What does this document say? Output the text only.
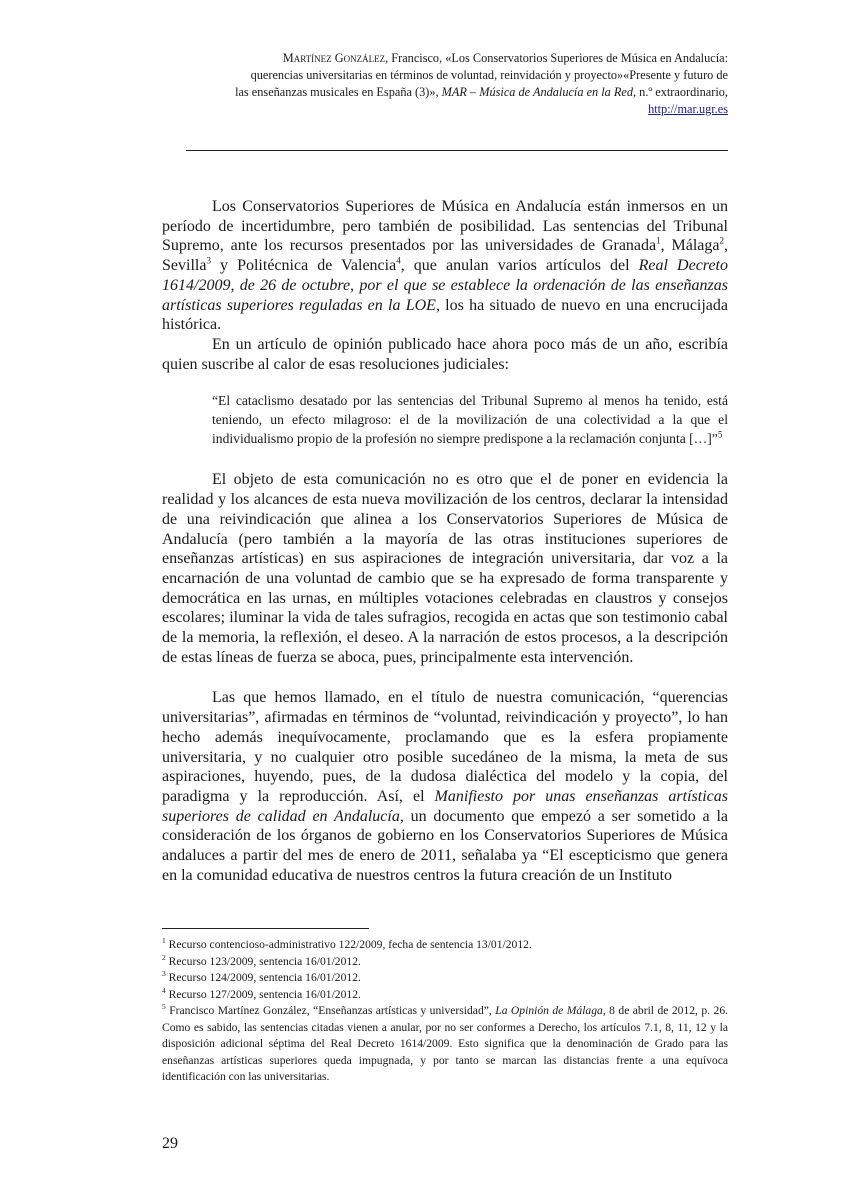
Martínez González, Francisco, «Los Conservatorios Superiores de Música en Andalucía:
querencias universitarias en términos de voluntad, reinvidación y proyecto»«Presente y futuro de
las enseñanzas musicales en España (3)», MAR – Música de Andalucía en la Red, n.º extraordinario,
http://mar.ugr.es

Los Conservatorios Superiores de Música en Andalucía están inmersos en un período de incertidumbre, pero también de posibilidad. Las sentencias del Tribunal Supremo, ante los recursos presentados por las universidades de Granada$^1$, Málaga$^2$, Sevilla$^3$ y Politécnica de Valencia$^4$, que anulan varios artículos del Real Decreto 1614/2009, de 26 de octubre, por el que se establece la ordenación de las enseñanzas artísticas superiores reguladas en la LOE, los ha situado de nuevo en una encrucijada histórica.

En un artículo de opinión publicado hace ahora poco más de un año, escribía quien suscribe al calor de esas resoluciones judiciales:

“El cataclismo desatado por las sentencias del Tribunal Supremo al menos ha tenido, está teniendo, un efecto milagroso: el de la movilización de una colectividad a la que el individualismo propio de la profesión no siempre predispone a la reclamación conjunta […]”$^5$

El objeto de esta comunicación no es otro que el de poner en evidencia la realidad y los alcances de esta nueva movilización de los centros, declarar la intensidad de una reivindicación que alinea a los Conservatorios Superiores de Música de Andalucía (pero también a la mayoría de las otras instituciones superiores de enseñanzas artísticas) en sus aspiraciones de integración universitaria, dar voz a la encarnación de una voluntad de cambio que se ha expresado de forma transparente y democrática en las urnas, en múltiples votaciones celebradas en claustros y consejos escolares; iluminar la vida de tales sufragios, recogida en actas que son testimonio cabal de la memoria, la reflexión, el deseo. A la narración de estos procesos, a la descripción de estas líneas de fuerza se aboca, pues, principalmente esta intervención.

Las que hemos llamado, en el título de nuestra comunicación, “querencias universitarias”, afirmadas en términos de “voluntad, reivindicación y proyecto”, lo han hecho además inequívocamente, proclamando que es la esfera propiamente universitaria, y no cualquier otro posible sucedáneo de la misma, la meta de sus aspiraciones, huyendo, pues, de la dudosa dialéctica del modelo y la copia, del paradigma y la reproducción. Así, el Manifiesto por unas enseñanzas artísticas superiores de calidad en Andalucía, un documento que empezó a ser sometido a la consideración de los órganos de gobierno en los Conservatorios Superiores de Música andaluces a partir del mes de enero de 2011, señalaba ya “El escepticismo que genera en la comunidad educativa de nuestros centros la futura creación de un Instituto

$^1$ Recurso contencioso-administrativo 122/2009, fecha de sentencia 13/01/2012.
$^2$ Recurso 123/2009, sentencia 16/01/2012.
$^3$ Recurso 124/2009, sentencia 16/01/2012.
$^4$ Recurso 127/2009, sentencia 16/01/2012.
$^5$ Francisco Martínez González, “Enseñanzas artísticas y universidad”, La Opinión de Málaga, 8 de abril de 2012, p. 26. Como es sabido, las sentencias citadas vienen a anular, por no ser conformes a Derecho, los artículos 7.1, 8, 11, 12 y la disposición adicional séptima del Real Decreto 1614/2009. Esto significa que la denominación de Grado para las enseñanzas artísticas superiores queda impugnada, y por tanto se marcan las distancias frente a una equívoca identificación con las universitarias.
29
